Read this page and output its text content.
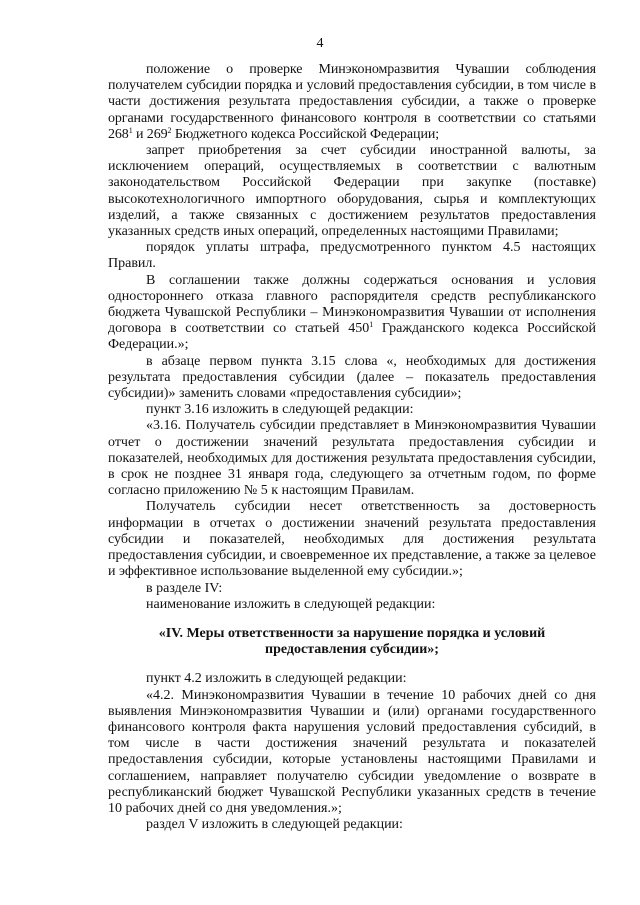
4

положение о проверке Минэкономразвития Чувашии соблюдения получателем субсидии порядка и условий предоставления субсидии, в том числе в части достижения результата предоставления субсидии, а также о проверке органами государственного финансового контроля в соответствии со статьями $268^1$ и $269^2$ Бюджетного кодекса Российской Федерации;

запрет приобретения за счет субсидии иностранной валюты, за исключением операций, осуществляемых в соответствии с валютным законодательством Российской Федерации при закупке (поставке) высокотехнологичного импортного оборудования, сырья и комплектующих изделий, а также связанных с достижением результатов предоставления указанных средств иных операций, определенных настоящими Правилами;

порядок уплаты штрафа, предусмотренного пунктом 4.5 настоящих Правил.

В соглашении также должны содержаться основания и условия одностороннего отказа главного распорядителя средств республиканского бюджета Чувашской Республики – Минэкономразвития Чувашии от исполнения договора в соответствии со статьей $450^1$ Гражданского кодекса Российской Федерации.»;

в абзаце первом пункта 3.15 слова «, необходимых для достижения результата предоставления субсидии (далее – показатель предоставления субсидии)» заменить словами «предоставления субсидии»;

пункт 3.16 изложить в следующей редакции:

«3.16. Получатель субсидии представляет в Минэкономразвития Чувашии отчет о достижении значений результата предоставления субсидии и показателей, необходимых для достижения результата предоставления субсидии, в срок не позднее 31 января года, следующего за отчетным годом, по форме согласно приложению № 5 к настоящим Правилам.

Получатель субсидии несет ответственность за достоверность информации в отчетах о достижении значений результата предоставления субсидии и показателей, необходимых для достижения результата предоставления субсидии, и своевременное их представление, а также за целевое и эффективное использование выделенной ему субсидии.»;

в разделе IV:

наименование изложить в следующей редакции:

«IV. Меры ответственности за нарушение порядка и условий
предоставления субсидии»;

пункт 4.2 изложить в следующей редакции:

«4.2. Минэкономразвития Чувашии в течение 10 рабочих дней со дня выявления Минэкономразвития Чувашии и (или) органами государственного финансового контроля факта нарушения условий предоставления субсидий, в том числе в части достижения значений результата и показателей предоставления субсидии, которые установлены настоящими Правилами и соглашением, направляет получателю субсидии уведомление о возврате в республиканский бюджет Чувашской Республики указанных средств в течение 10 рабочих дней со дня уведомления.»;

раздел V изложить в следующей редакции:
